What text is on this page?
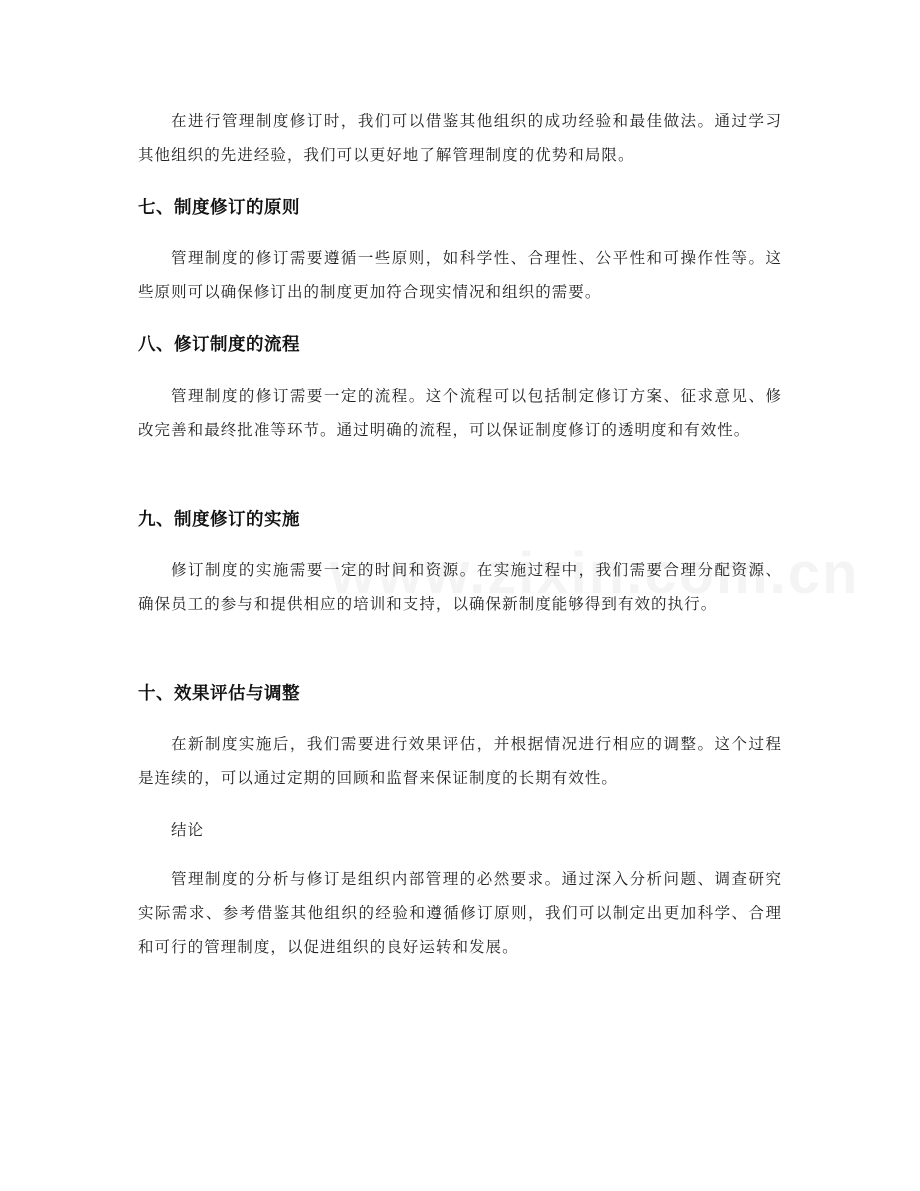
在进行管理制度修订时，我们可以借鉴其他组织的成功经验和最佳做法。通过学习其他组织的先进经验，我们可以更好地了解管理制度的优势和局限。

七、制度修订的原则

管理制度的修订需要遵循一些原则，如科学性、合理性、公平性和可操作性等。这些原则可以确保修订出的制度更加符合现实情况和组织的需要。

八、修订制度的流程

管理制度的修订需要一定的流程。这个流程可以包括制定修订方案、征求意见、修改完善和最终批准等环节。通过明确的流程，可以保证制度修订的透明度和有效性。

九、制度修订的实施

修订制度的实施需要一定的时间和资源。在实施过程中，我们需要合理分配资源、确保员工的参与和提供相应的培训和支持，以确保新制度能够得到有效的执行。

十、效果评估与调整

在新制度实施后，我们需要进行效果评估，并根据情况进行相应的调整。这个过程是连续的，可以通过定期的回顾和监督来保证制度的长期有效性。

结论

管理制度的分析与修订是组织内部管理的必然要求。通过深入分析问题、调查研究实际需求、参考借鉴其他组织的经验和遵循修订原则，我们可以制定出更加科学、合理和可行的管理制度，以促进组织的良好运转和发展。
